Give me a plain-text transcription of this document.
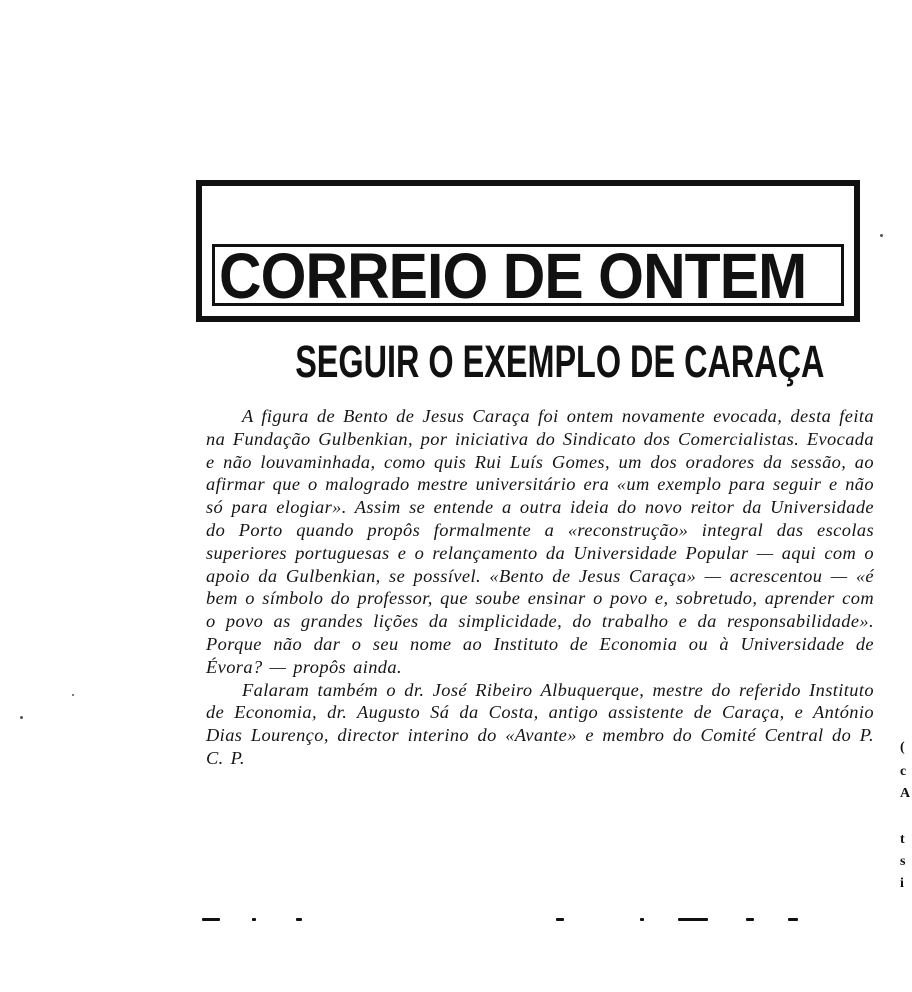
CORREIO DE ONTEM
SEGUIR O EXEMPLO DE CARAÇA

A figura de Bento de Jesus Caraça foi ontem novamente evocada, desta feita na Fundação Gulbenkian, por iniciativa do Sindicato dos Comercialistas. Evocada e não louvaminhada, como quis Rui Luís Gomes, um dos oradores da sessão, ao afirmar que o malogrado mestre universitário era «um exemplo para seguir e não só para elogiar». Assim se entende a outra ideia do novo reitor da Universidade do Porto quando propôs formalmente a «reconstrução» integral das escolas superiores portuguesas e o relançamento da Universidade Popular — aqui com o apoio da Gulbenkian, se possível. «Bento de Jesus Caraça» — acrescentou — «é bem o símbolo do professor, que soube ensinar o povo e, sobretudo, aprender com o povo as grandes lições da simplicidade, do trabalho e da responsabilidade». Porque não dar o seu nome ao Instituto de Economia ou à Universidade de Évora? — propôs ainda.

Falaram também o dr. José Ribeiro Albuquerque, mestre do referido Instituto de Economia, dr. Augusto Sá da Costa, antigo assistente de Caraça, e António Dias Lourenço, director interino do «Avante» e membro do Comité Central do P. C. P.

(
c
A
t
s
i
